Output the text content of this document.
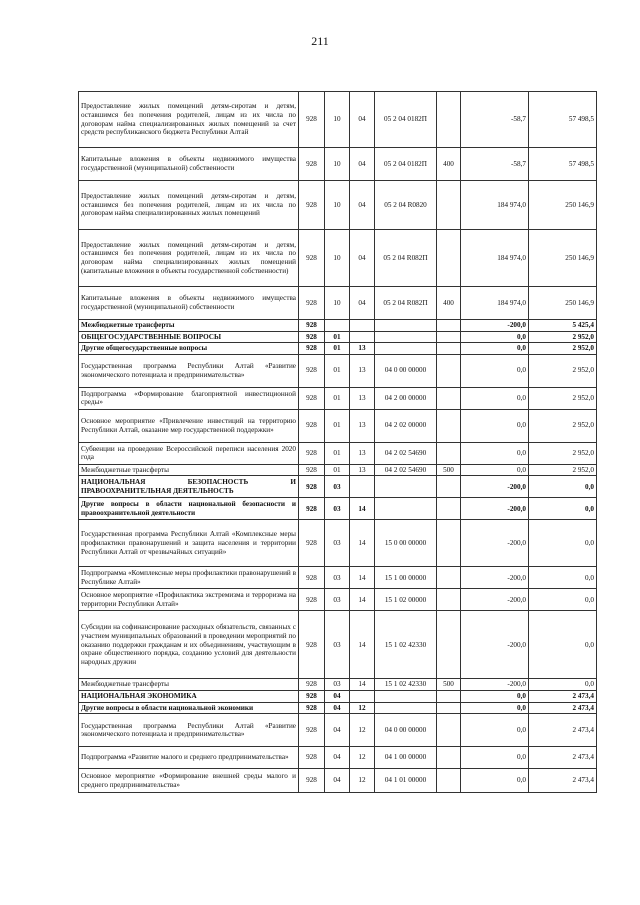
211
Предоставление жилых помещений детям-сиротам и детям, оставшимся без попечения родителей, лицам из их числа по договорам найма специализированных жилых помещений за счет средств республиканского бюджета Республики Алтай	928	10	04	05 2 04 0182П		-58,7	57 498,5
Капитальные вложения в объекты недвижимого имущества государственной (муниципальной) собственности	928	10	04	05 2 04 0182П	400	-58,7	57 498,5
Предоставление жилых помещений детям-сиротам и детям, оставшимся без попечения родителей, лицам из их числа по договорам найма специализированных жилых помещений	928	10	04	05 2 04 R0820		184 974,0	250 146,9
Предоставление жилых помещений детям-сиротам и детям, оставшимся без попечения родителей, лицам из их числа по договорам найма специализированных жилых помещений (капитальные вложения в объекты государственной собственности)	928	10	04	05 2 04 R082П		184 974,0	250 146,9
Капитальные вложения в объекты недвижимого имущества государственной (муниципальной) собственности	928	10	04	05 2 04 R082П	400	184 974,0	250 146,9
Межбюджетные трансферты	928					-200,0	5 425,4
ОБЩЕГОСУДАРСТВЕННЫЕ ВОПРОСЫ	928	01				0,0	2 952,0
Другие общегосударственные вопросы	928	01	13			0,0	2 952,0
Государственная программа Республики Алтай «Развитие экономического потенциала и предпринимательства»	928	01	13	04 0 00 00000		0,0	2 952,0
Подпрограмма «Формирование благоприятной инвестиционной среды»	928	01	13	04 2 00 00000		0,0	2 952,0
Основное мероприятие «Привлечение инвестиций на территорию Республики Алтай, оказание мер государственной поддержки»	928	01	13	04 2 02 00000		0,0	2 952,0
Субвенции на проведение Всероссийской переписи населения 2020 года	928	01	13	04 2 02 54690		0,0	2 952,0
Межбюджетные трансферты	928	01	13	04 2 02 54690	500	0,0	2 952,0
НАЦИОНАЛЬНАЯ БЕЗОПАСНОСТЬ И ПРАВООХРАНИТЕЛЬНАЯ ДЕЯТЕЛЬНОСТЬ	928	03				-200,0	0,0
Другие вопросы в области национальной безопасности и правоохранительной деятельности	928	03	14			-200,0	0,0
Государственная программа Республики Алтай «Комплексные меры профилактики правонарушений и защита населения и территории Республики Алтай от чрезвычайных ситуаций»	928	03	14	15 0 00 00000		-200,0	0,0
Подпрограмма «Комплексные меры профилактики правонарушений в Республике Алтай»	928	03	14	15 1 00 00000		-200,0	0,0
Основное мероприятие «Профилактика экстремизма и терроризма на территории Республики Алтай»	928	03	14	15 1 02 00000		-200,0	0,0
Субсидии на софинансирование расходных обязательств, связанных с участием муниципальных образований в проведении мероприятий по оказанию поддержки гражданам и их объединениям, участвующим в охране общественного порядка, созданию условий для деятельности народных дружин	928	03	14	15 1 02 42330		-200,0	0,0
Межбюджетные трансферты	928	03	14	15 1 02 42330	500	-200,0	0,0
НАЦИОНАЛЬНАЯ ЭКОНОМИКА	928	04				0,0	2 473,4
Другие вопросы в области национальной экономики	928	04	12			0,0	2 473,4
Государственная программа Республики Алтай «Развитие экономического потенциала и предпринимательства»	928	04	12	04 0 00 00000		0,0	2 473,4
Подпрограмма «Развитие малого и среднего предпринимательства»	928	04	12	04 1 00 00000		0,0	2 473,4
Основное мероприятие «Формирование внешней среды малого и среднего предпринимательства»	928	04	12	04 1 01 00000		0,0	2 473,4
